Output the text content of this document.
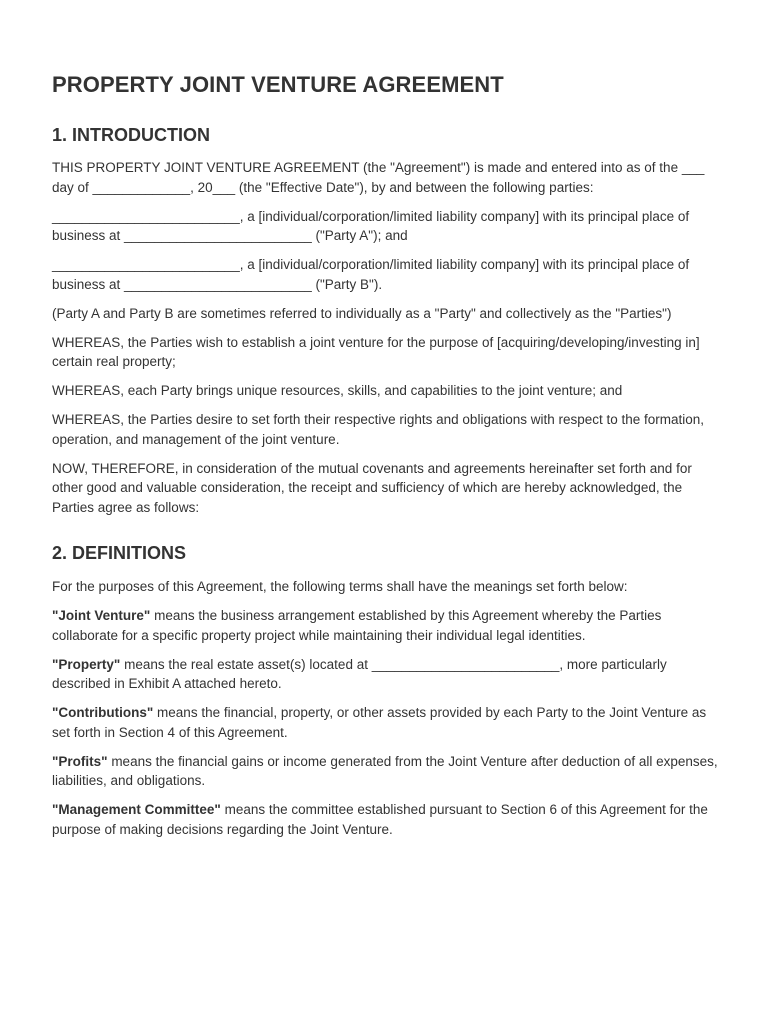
PROPERTY JOINT VENTURE AGREEMENT
1. INTRODUCTION

THIS PROPERTY JOINT VENTURE AGREEMENT (the "Agreement") is made and entered into as of the ___ day of _____________, 20___ (the "Effective Date"), by and between the following parties:

_________________________, a [individual/corporation/limited liability company] with its principal place of business at _________________________ ("Party A"); and

_________________________, a [individual/corporation/limited liability company] with its principal place of business at _________________________ ("Party B").

(Party A and Party B are sometimes referred to individually as a "Party" and collectively as the "Parties")

WHEREAS, the Parties wish to establish a joint venture for the purpose of [acquiring/developing/investing in] certain real property;

WHEREAS, each Party brings unique resources, skills, and capabilities to the joint venture; and

WHEREAS, the Parties desire to set forth their respective rights and obligations with respect to the formation, operation, and management of the joint venture.

NOW, THEREFORE, in consideration of the mutual covenants and agreements hereinafter set forth and for other good and valuable consideration, the receipt and sufficiency of which are hereby acknowledged, the Parties agree as follows:

2. DEFINITIONS

For the purposes of this Agreement, the following terms shall have the meanings set forth below:

"Joint Venture" means the business arrangement established by this Agreement whereby the Parties collaborate for a specific property project while maintaining their individual legal identities.

"Property" means the real estate asset(s) located at _________________________, more particularly described in Exhibit A attached hereto.

"Contributions" means the financial, property, or other assets provided by each Party to the Joint Venture as set forth in Section 4 of this Agreement.

"Profits" means the financial gains or income generated from the Joint Venture after deduction of all expenses, liabilities, and obligations.

"Management Committee" means the committee established pursuant to Section 6 of this Agreement for the purpose of making decisions regarding the Joint Venture.
